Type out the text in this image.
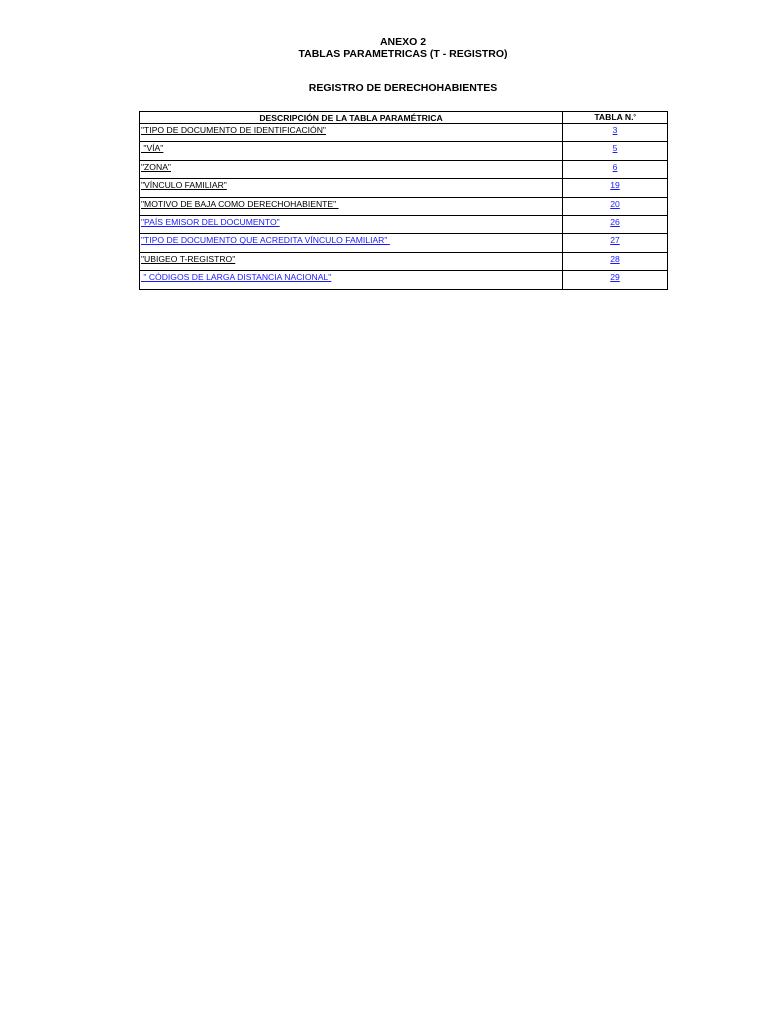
ANEXO 2
TABLAS PARAMETRICAS (T - REGISTRO)
REGISTRO DE DERECHOHABIENTES
DESCRIPCIÓN DE LA TABLA PARAMÉTRICA	TABLA N.º
"TIPO DE DOCUMENTO DE IDENTIFICACIÓN"	3
"VÍA"	5
"ZONA"	6
"VÍNCULO FAMILIAR"	19
"MOTIVO DE BAJA COMO DERECHOHABIENTE"	20
"PAÍS EMISOR DEL DOCUMENTO"	26
"TIPO DE DOCUMENTO QUE ACREDITA VÍNCULO FAMILIAR"	27
"UBIGEO T-REGISTRO"	28
" CÓDIGOS DE LARGA DISTANCIA NACIONAL"	29
